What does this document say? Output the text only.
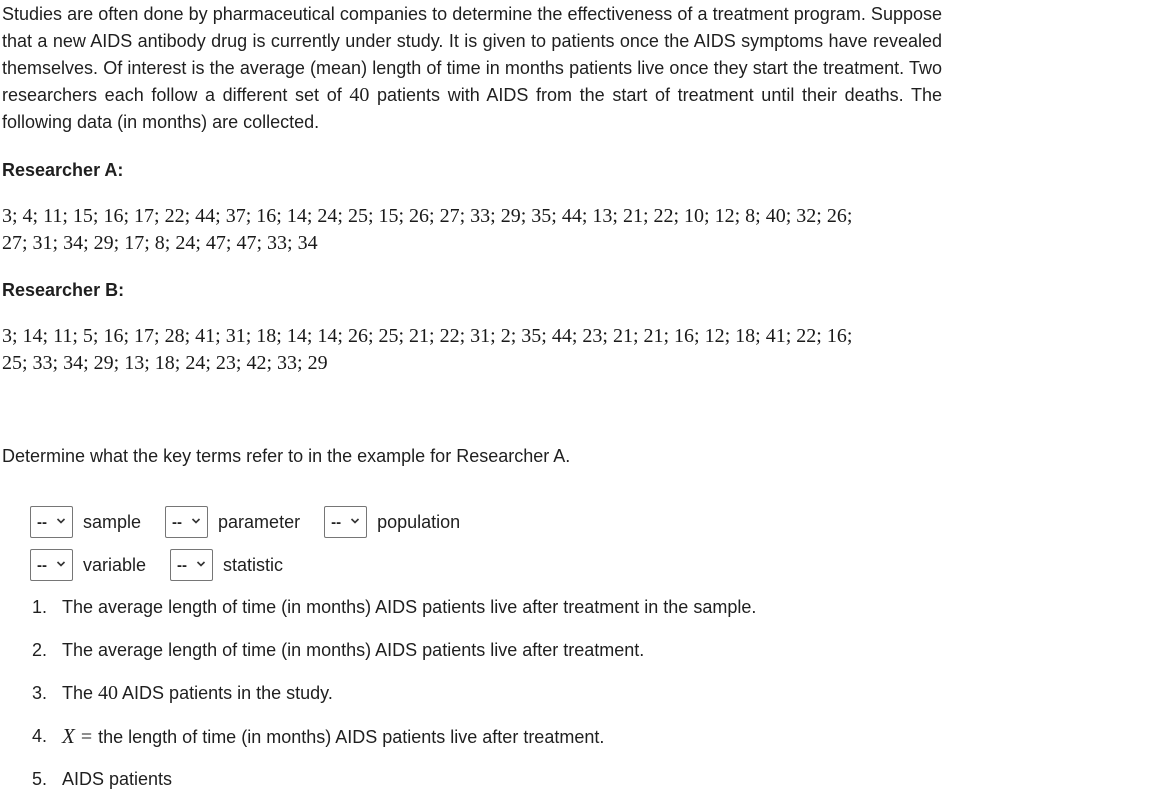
Studies are often done by pharmaceutical companies to determine the effectiveness of a treatment program. Suppose that a new AIDS antibody drug is currently under study. It is given to patients once the AIDS symptoms have revealed themselves. Of interest is the average (mean) length of time in months patients live once they start the treatment. Two researchers each follow a different set of 40 patients with AIDS from the start of treatment until their deaths. The following data (in months) are collected.

Researcher A:

3; 4; 11; 15; 16; 17; 22; 44; 37; 16; 14; 24; 25; 15; 26; 27; 33; 29; 35; 44; 13; 21; 22; 10; 12; 8; 40; 32; 26;

27; 31; 34; 29; 17; 8; 24; 47; 47; 33; 34

Researcher B:

3; 14; 11; 5; 16; 17; 28; 41; 31; 18; 14; 14; 26; 25; 21; 22; 31; 2; 35; 44; 23; 21; 21; 16; 12; 18; 41; 22; 16;

25; 33; 34; 29; 13; 18; 24; 23; 42; 33; 29

Determine what the key terms refer to in the example for Researcher A.

-- sample -- parameter -- population
-- variable -- statistic
1. The average length of time (in months) AIDS patients live after treatment in the sample.
2. The average length of time (in months) AIDS patients live after treatment.
3. The 40 AIDS patients in the study.
4. X = the length of time (in months) AIDS patients live after treatment.
5. AIDS patients
